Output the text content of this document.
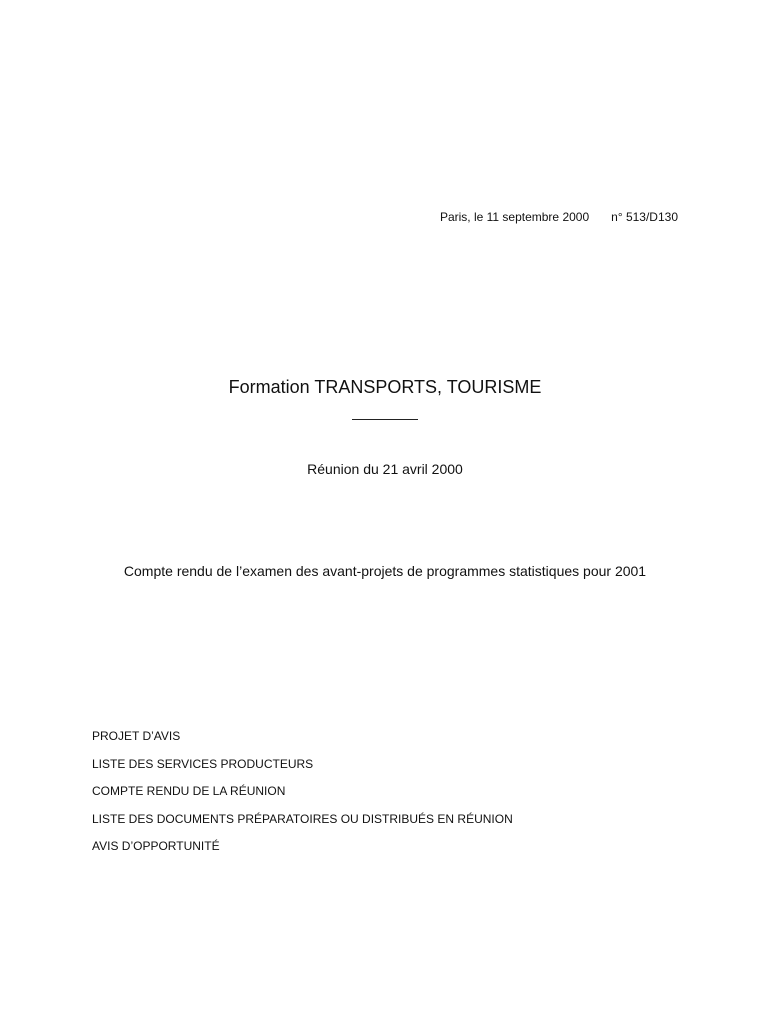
Paris, le 11 septembre 2000 n° 513/D130
Formation TRANSPORTS, TOURISME
Réunion du 21 avril 2000
Compte rendu de l’examen des avant-projets de programmes statistiques pour 2001
PROJET D’AVIS
LISTE DES SERVICES PRODUCTEURS
COMPTE RENDU DE LA RÉUNION
LISTE DES DOCUMENTS PRÉPARATOIRES OU DISTRIBUÉS EN RÉUNION
AVIS D’OPPORTUNITÉ
